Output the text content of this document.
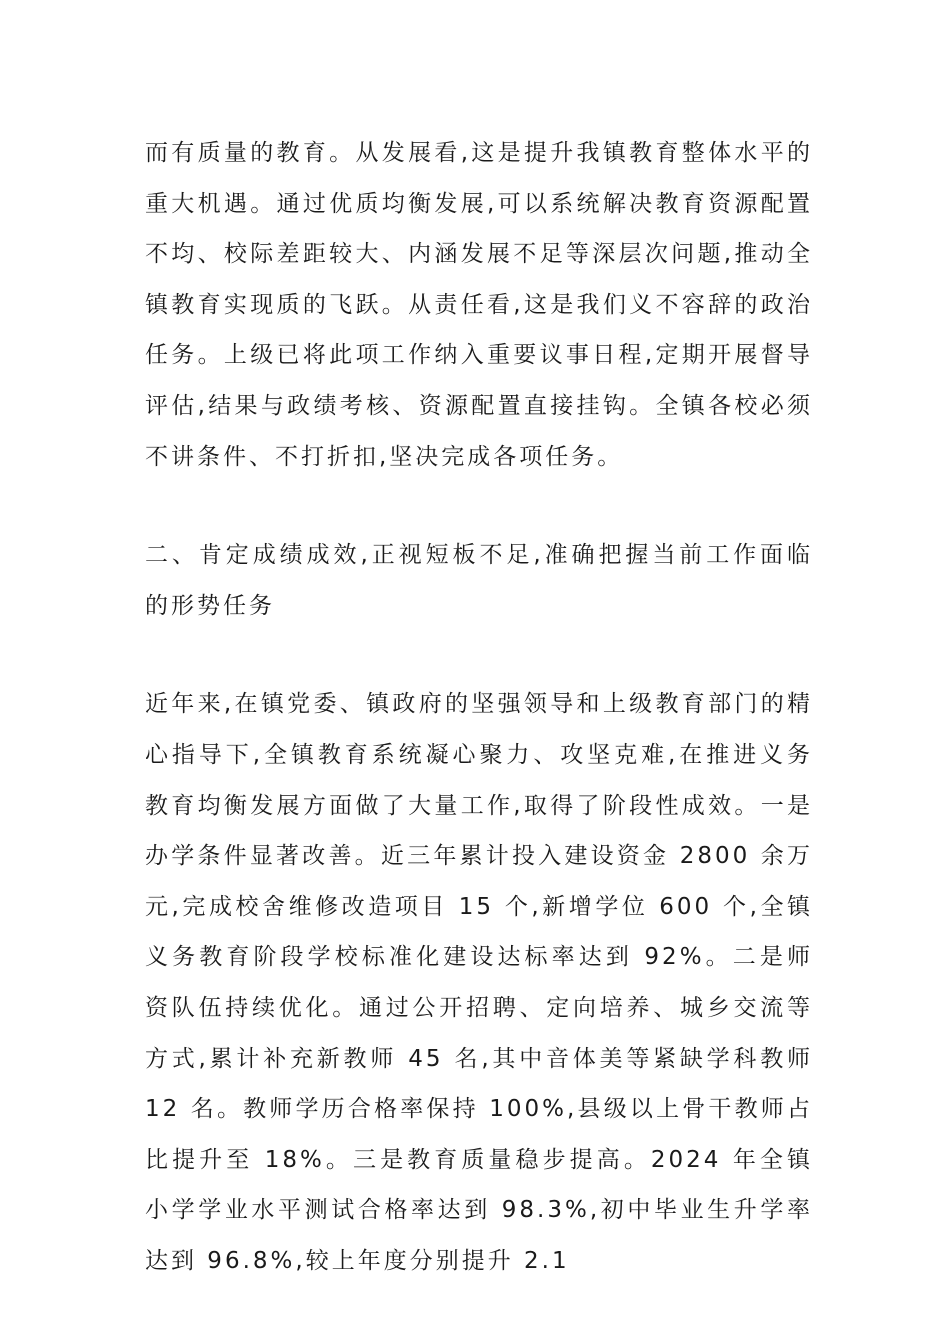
而有质量的教育。从发展看,这是提升我镇教育整体水平的重大机遇。通过优质均衡发展,可以系统解决教育资源配置不均、校际差距较大、内涵发展不足等深层次问题,推动全镇教育实现质的飞跃。从责任看,这是我们义不容辞的政治任务。上级已将此项工作纳入重要议事日程,定期开展督导评估,结果与政绩考核、资源配置直接挂钩。全镇各校必须不讲条件、不打折扣,坚决完成各项任务。

二、肯定成绩成效,正视短板不足,准确把握当前工作面临的形势任务

近年来,在镇党委、镇政府的坚强领导和上级教育部门的精心指导下,全镇教育系统凝心聚力、攻坚克难,在推进义务教育均衡发展方面做了大量工作,取得了阶段性成效。一是办学条件显著改善。近三年累计投入建设资金 2800 余万元,完成校舍维修改造项目 15 个,新增学位 600 个,全镇义务教育阶段学校标准化建设达标率达到 92%。二是师资队伍持续优化。通过公开招聘、定向培养、城乡交流等方式,累计补充新教师 45 名,其中音体美等紧缺学科教师 12 名。教师学历合格率保持 100%,县级以上骨干教师占比提升至 18%。三是教育质量稳步提高。2024 年全镇小学学业水平测试合格率达到 98.3%,初中毕业生升学率达到 96.8%,较上年度分别提升 2.1
